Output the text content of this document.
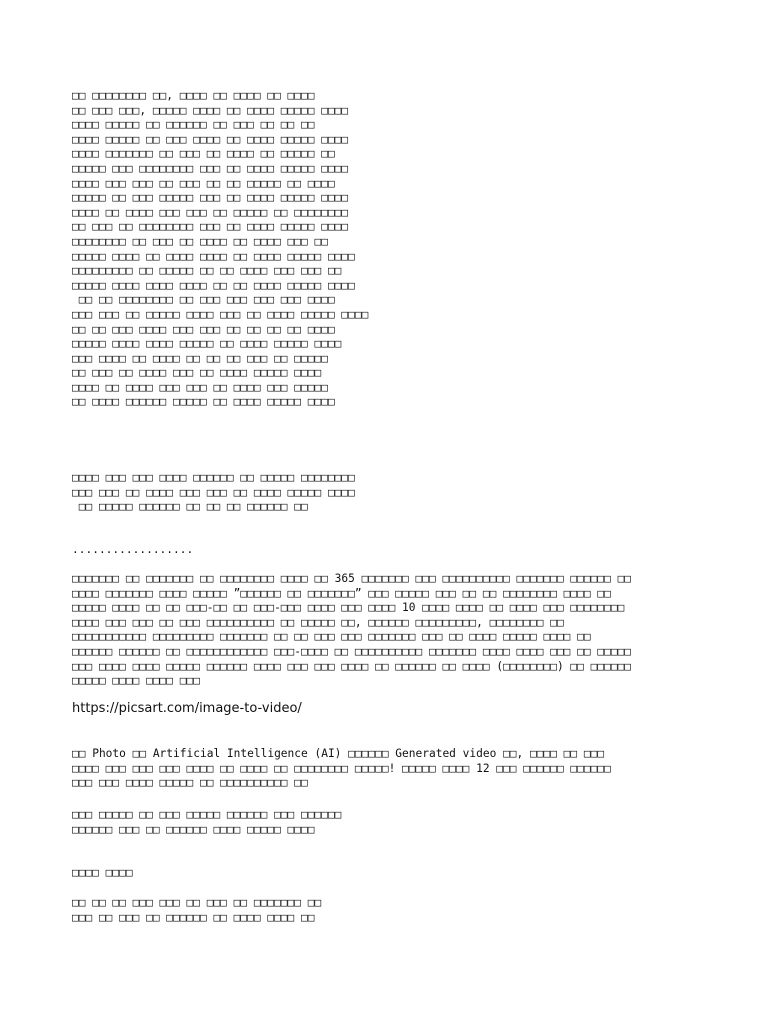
□□ □□□□□□□□ □□, □□□□ □□ □□□□ □□ □□□□
□□ □□□ □□□, □□□□□ □□□□ □□ □□□□ □□□□□ □□□□
□□□□ □□□□□ □□ □□□□□□ □□ □□□ □□ □□ □□
□□□□ □□□□□ □□ □□□ □□□□ □□ □□□□ □□□□□ □□□□
□□□□ □□□□□□□ □□ □□□ □□ □□□□ □□ □□□□□ □□
□□□□□ □□□ □□□□□□□□ □□□ □□ □□□□ □□□□□ □□□□
□□□□ □□□ □□□ □□ □□□ □□ □□ □□□□□ □□ □□□□
□□□□□ □□ □□□ □□□□□ □□□ □□ □□□□ □□□□□ □□□□
□□□□ □□ □□□□ □□□ □□□ □□ □□□□□ □□ □□□□□□□□
□□ □□□ □□ □□□□□□□□ □□□ □□ □□□□ □□□□□ □□□□
□□□□□□□□ □□ □□□ □□ □□□□ □□ □□□□ □□□ □□
□□□□□ □□□□ □□ □□□□ □□□□ □□ □□□□ □□□□□ □□□□
□□□□□□□□□ □□ □□□□□ □□ □□ □□□□ □□□ □□□ □□
□□□□□ □□□□ □□□□ □□□□ □□ □□ □□□□ □□□□□ □□□□
□□ □□ □□□□□□□□ □□ □□□ □□□ □□□ □□□ □□□□
□□□ □□□ □□ □□□□□ □□□□ □□□ □□ □□□□ □□□□□ □□□□
□□ □□ □□□ □□□□ □□□ □□□ □□ □□ □□ □□ □□□□
□□□□□ □□□□ □□□□ □□□□□ □□ □□□□ □□□□□ □□□□
□□□ □□□□ □□ □□□□ □□ □□ □□ □□□ □□ □□□□□
□□ □□□ □□ □□□□ □□□ □□ □□□□ □□□□□ □□□□
□□□□ □□ □□□□ □□□ □□□ □□ □□□□ □□□ □□□□□
□□ □□□□ □□□□□□ □□□□□ □□ □□□□ □□□□□ □□□□

□□□□ □□□ □□□ □□□□ □□□□□□ □□ □□□□□ □□□□□□□□
□□□ □□□ □□ □□□□ □□□ □□□ □□ □□□□ □□□□□ □□□□
□□ □□□□□ □□□□□□ □□ □□ □□ □□□□□□ □□

..................

□□□□□□□ □□ □□□□□□□ □□ □□□□□□□□ □□□□ □□ 365 □□□□□□□ □□□ □□□□□□□□□□ □□□□□□□ □□□□□□ □□
□□□□ □□□□□□□ □□□□ □□□□□ ”□□□□□□ □□ □□□□□□□” □□□ □□□□□ □□□ □□ □□ □□□□□□□□ □□□□ □□
□□□□□ □□□□ □□ □□ □□□-□□ □□ □□□-□□□ □□□□ □□□ □□□□ 10 □□□□ □□□□ □□ □□□□ □□□ □□□□□□□□
□□□□ □□□ □□□ □□ □□□ □□□□□□□□□□ □□ □□□□□ □□, □□□□□□ □□□□□□□□□, □□□□□□□□ □□
□□□□□□□□□□□ □□□□□□□□□ □□□□□□□ □□ □□ □□□ □□□ □□□□□□□ □□□ □□ □□□□ □□□□□ □□□□ □□
□□□□□□ □□□□□□ □□ □□□□□□□□□□□□ □□□-□□□□ □□ □□□□□□□□□□ □□□□□□□ □□□□ □□□□ □□□ □□ □□□□□
□□□ □□□□ □□□□ □□□□□ □□□□□□ □□□□ □□□ □□□ □□□□ □□ □□□□□□ □□ □□□□ (□□□□□□□□) □□ □□□□□□
□□□□□ □□□□ □□□□ □□□

https://picsart.com/image-to-video/

□□ Photo □□ Artificial Intelligence (AI) □□□□□□ Generated video □□, □□□□ □□ □□□
□□□□ □□□ □□□ □□□ □□□□ □□ □□□□ □□ □□□□□□□□ □□□□□! □□□□□ □□□□ 12 □□□ □□□□□□ □□□□□□
□□□ □□□ □□□□ □□□□□ □□ □□□□□□□□□□ □□

□□□ □□□□□ □□ □□□ □□□□□ □□□□□□ □□□ □□□□□□
□□□□□□ □□□ □□ □□□□□□ □□□□ □□□□□ □□□□

□□□□ □□□□

□□ □□ □□ □□□ □□□ □□ □□□ □□ □□□□□□□ □□
□□□ □□ □□□ □□ □□□□□□ □□ □□□□ □□□□ □□
